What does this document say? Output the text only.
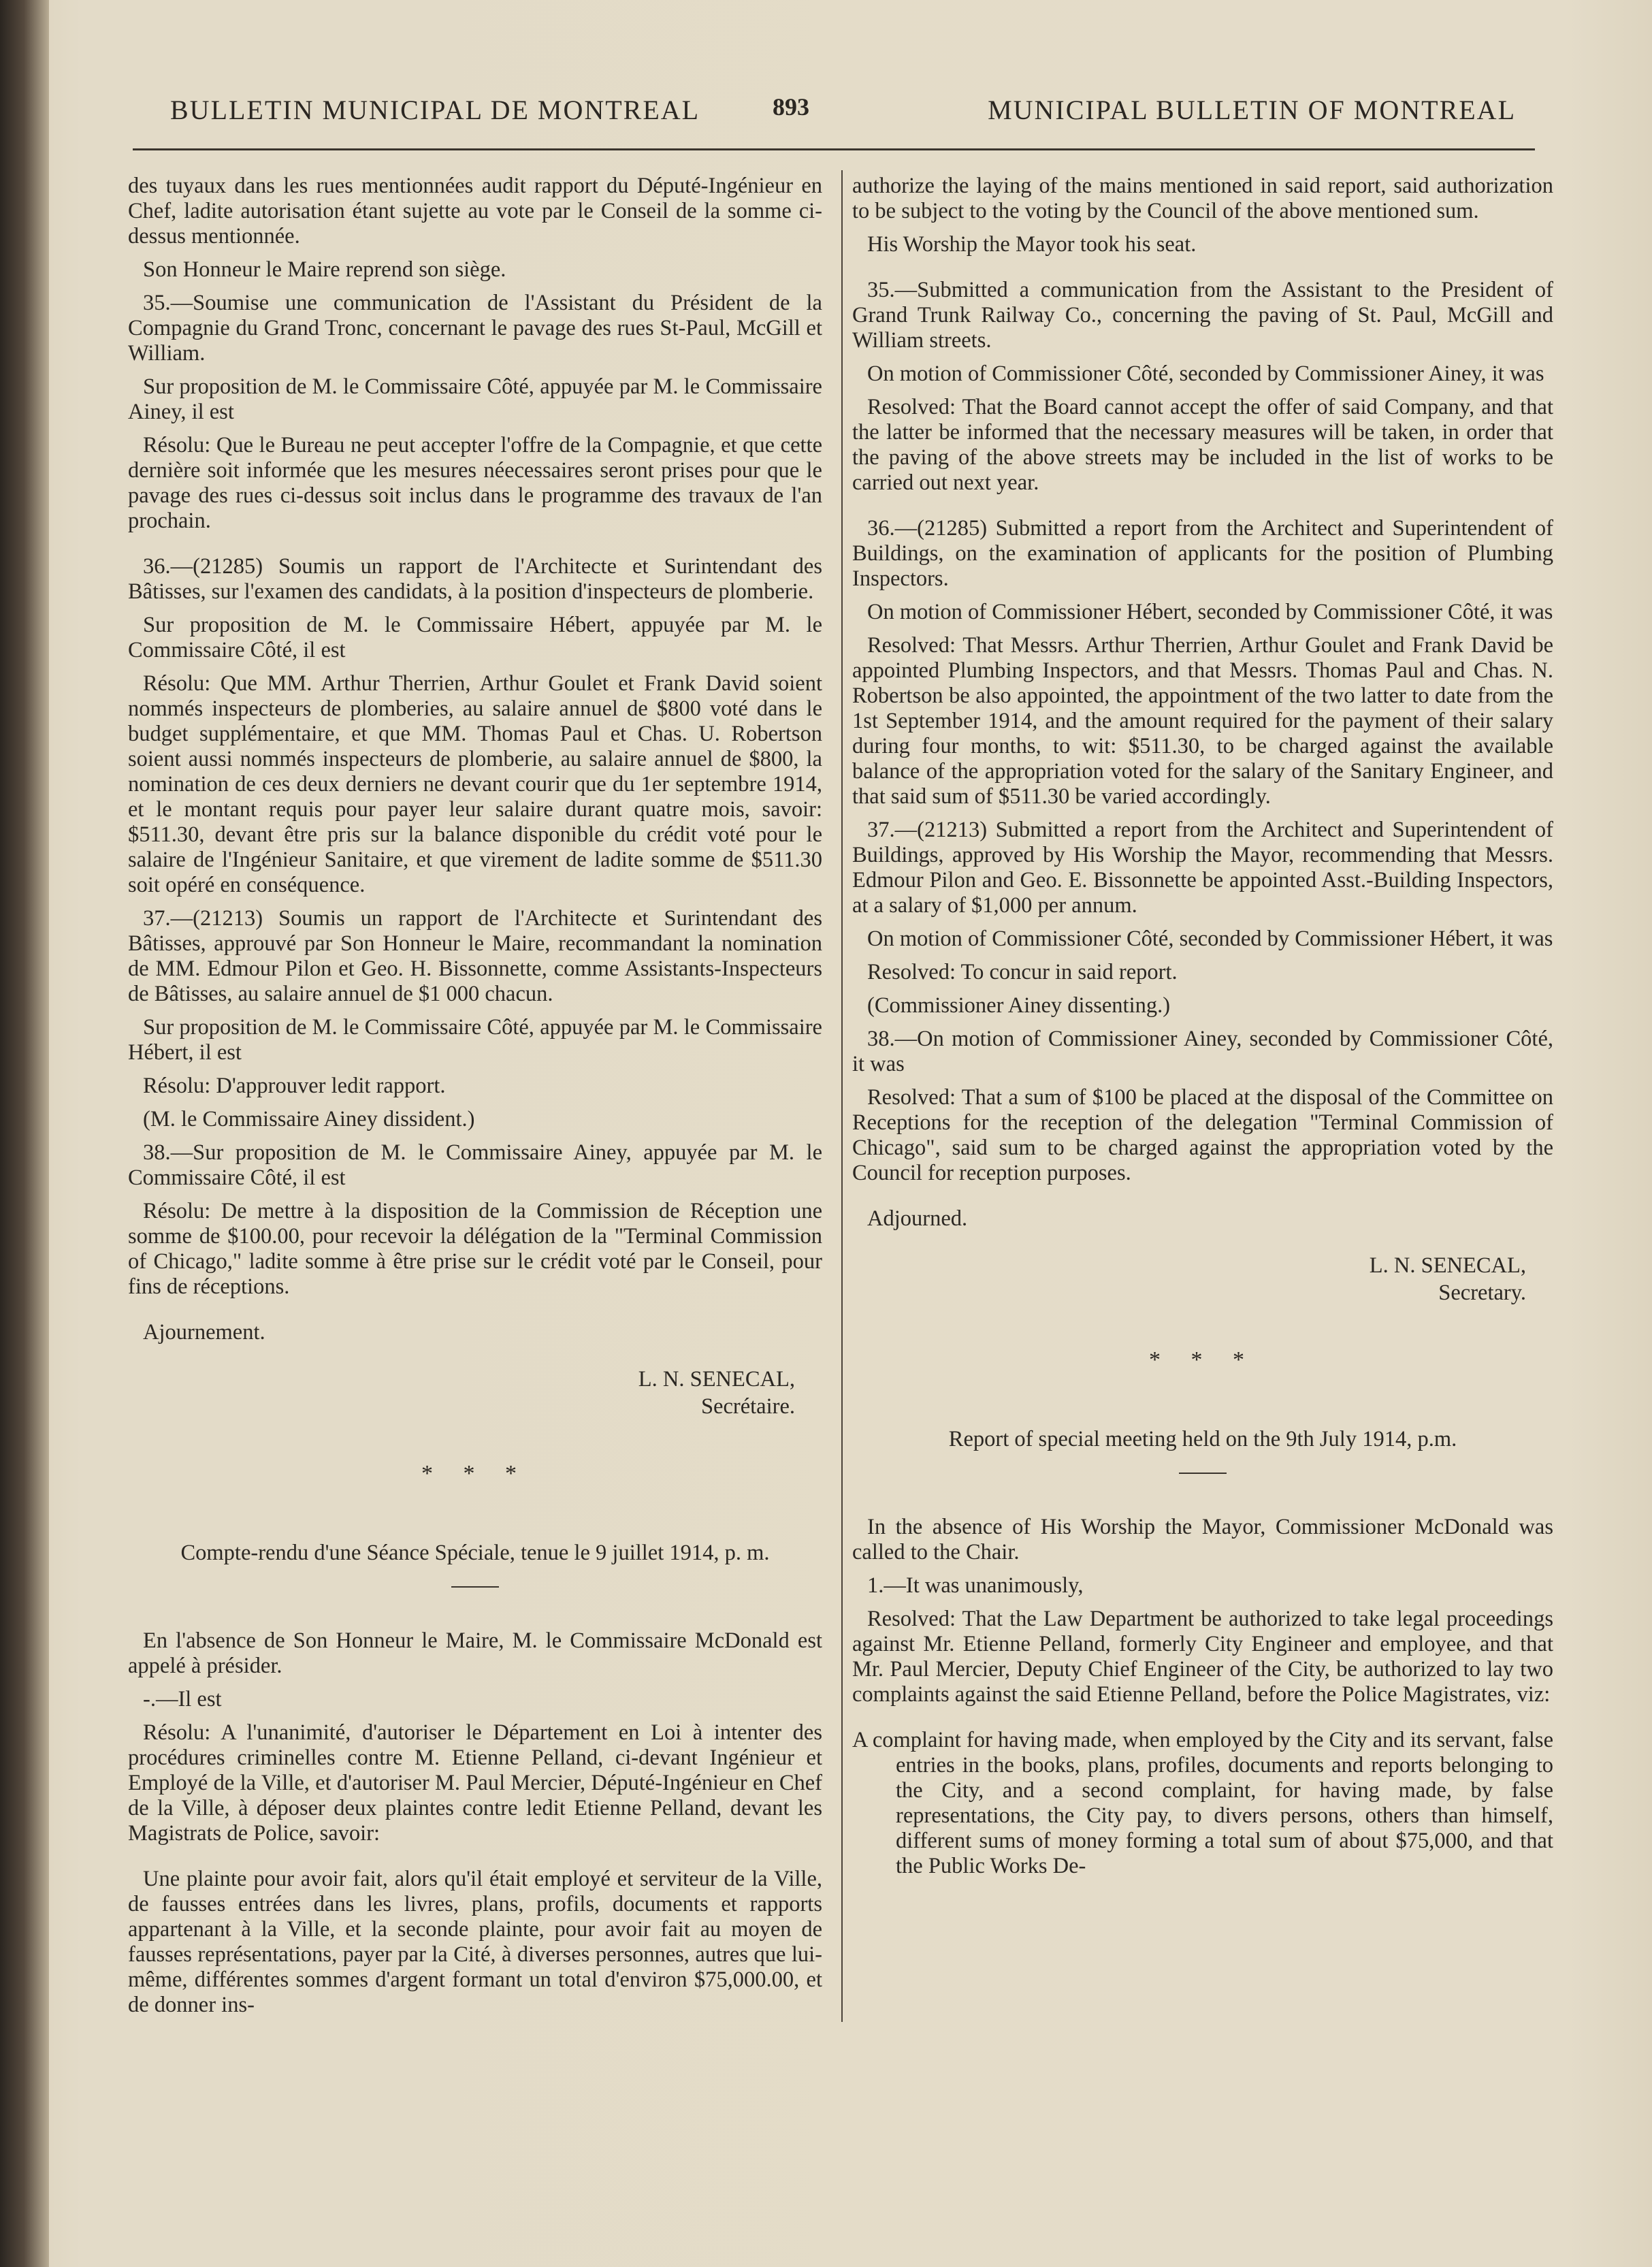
BULLETIN MUNICIPAL DE MONTREAL	893	MUNICIPAL BULLETIN OF MONTREAL

des tuyaux dans les rues mentionnées audit rapport du Député-Ingénieur en Chef, ladite autorisation étant sujette au vote par le Conseil de la somme ci-dessus mentionnée.

Son Honneur le Maire reprend son siège.

35.—Soumise une communication de l'Assistant du Président de la Compagnie du Grand Tronc, concernant le pavage des rues St-Paul, McGill et William.

Sur proposition de M. le Commissaire Côté, appuyée par M. le Commissaire Ainey, il est

Résolu: Que le Bureau ne peut accepter l'offre de la Compagnie, et que cette dernière soit informée que les mesures néecessaires seront prises pour que le pavage des rues ci-dessus soit inclus dans le programme des travaux de l'an prochain.

36.—(21285) Soumis un rapport de l'Architecte et Surintendant des Bâtisses, sur l'examen des candidats, à la position d'inspecteurs de plomberie.

Sur proposition de M. le Commissaire Hébert, appuyée par M. le Commissaire Côté, il est

Résolu: Que MM. Arthur Therrien, Arthur Goulet et Frank David soient nommés inspecteurs de plomberies, au salaire annuel de $800 voté dans le budget supplémentaire, et que MM. Thomas Paul et Chas. U. Robertson soient aussi nommés inspecteurs de plomberie, au salaire annuel de $800, la nomination de ces deux derniers ne devant courir que du 1er septembre 1914, et le montant requis pour payer leur salaire durant quatre mois, savoir: $511.30, devant être pris sur la balance disponible du crédit voté pour le salaire de l'Ingénieur Sanitaire, et que virement de ladite somme de $511.30 soit opéré en conséquence.

37.—(21213) Soumis un rapport de l'Architecte et Surintendant des Bâtisses, approuvé par Son Honneur le Maire, recommandant la nomination de MM. Edmour Pilon et Geo. H. Bissonnette, comme Assistants-Inspecteurs de Bâtisses, au salaire annuel de $1 000 chacun.

Sur proposition de M. le Commissaire Côté, appuyée par M. le Commissaire Hébert, il est

Résolu: D'approuver ledit rapport.

(M. le Commissaire Ainey dissident.)

38.—Sur proposition de M. le Commissaire Ainey, appuyée par M. le Commissaire Côté, il est

Résolu: De mettre à la disposition de la Commission de Réception une somme de $100.00, pour recevoir la délégation de la "Terminal Commission of Chicago," ladite somme à être prise sur le crédit voté par le Conseil, pour fins de réceptions.

Ajournement.

L. N. SENECAL,

Secrétaire.
* * *
Compte-rendu d'une Séance Spéciale, tenue le 9 juillet 1914, p. m.

En l'absence de Son Honneur le Maire, M. le Commissaire McDonald est appelé à présider.

-.—Il est

Résolu: A l'unanimité, d'autoriser le Département en Loi à intenter des procédures criminelles contre M. Etienne Pelland, ci-devant Ingénieur et Employé de la Ville, et d'autoriser M. Paul Mercier, Député-Ingénieur en Chef de la Ville, à déposer deux plaintes contre ledit Etienne Pelland, devant les Magistrats de Police, savoir:

Une plainte pour avoir fait, alors qu'il était employé et serviteur de la Ville, de fausses entrées dans les livres, plans, profils, documents et rapports appartenant à la Ville, et la seconde plainte, pour avoir fait au moyen de fausses représentations, payer par la Cité, à diverses personnes, autres que lui-même, différentes sommes d'argent formant un total d'environ $75,000.00, et de donner ins-

authorize the laying of the mains mentioned in said report, said authorization to be subject to the voting by the Council of the above mentioned sum.

His Worship the Mayor took his seat.

35.—Submitted a communication from the Assistant to the President of Grand Trunk Railway Co., concerning the paving of St. Paul, McGill and William streets.

On motion of Commissioner Côté, seconded by Commissioner Ainey, it was

Resolved: That the Board cannot accept the offer of said Company, and that the latter be informed that the necessary measures will be taken, in order that the paving of the above streets may be included in the list of works to be carried out next year.

36.—(21285) Submitted a report from the Architect and Superintendent of Buildings, on the examination of applicants for the position of Plumbing Inspectors.

On motion of Commissioner Hébert, seconded by Commissioner Côté, it was

Resolved: That Messrs. Arthur Therrien, Arthur Goulet and Frank David be appointed Plumbing Inspectors, and that Messrs. Thomas Paul and Chas. N. Robertson be also appointed, the appointment of the two latter to date from the 1st September 1914, and the amount required for the payment of their salary during four months, to wit: $511.30, to be charged against the available balance of the appropriation voted for the salary of the Sanitary Engineer, and that said sum of $511.30 be varied accordingly.

37.—(21213) Submitted a report from the Architect and Superintendent of Buildings, approved by His Worship the Mayor, recommending that Messrs. Edmour Pilon and Geo. E. Bissonnette be appointed Asst.-Building Inspectors, at a salary of $1,000 per annum.

On motion of Commissioner Côté, seconded by Commissioner Hébert, it was

Resolved: To concur in said report.

(Commissioner Ainey dissenting.)

38.—On motion of Commissioner Ainey, seconded by Commissioner Côté, it was

Resolved: That a sum of $100 be placed at the disposal of the Committee on Receptions for the reception of the delegation "Terminal Commission of Chicago", said sum to be charged against the appropriation voted by the Council for reception purposes.

Adjourned.

L. N. SENECAL,

Secretary.
* * *
Report of special meeting held on the 9th July 1914, p.m.

In the absence of His Worship the Mayor, Commissioner McDonald was called to the Chair.

1.—It was unanimously,

Resolved: That the Law Department be authorized to take legal proceedings against Mr. Etienne Pelland, formerly City Engineer and employee, and that Mr. Paul Mercier, Deputy Chief Engineer of the City, be authorized to lay two complaints against the said Etienne Pelland, before the Police Magistrates, viz:

A complaint for having made, when employed by the City and its servant, false entries in the books, plans, profiles, documents and reports belonging to the City, and a second complaint, for having made, by false representations, the City pay, to divers persons, others than himself, different sums of money forming a total sum of about $75,000, and that the Public Works De-
